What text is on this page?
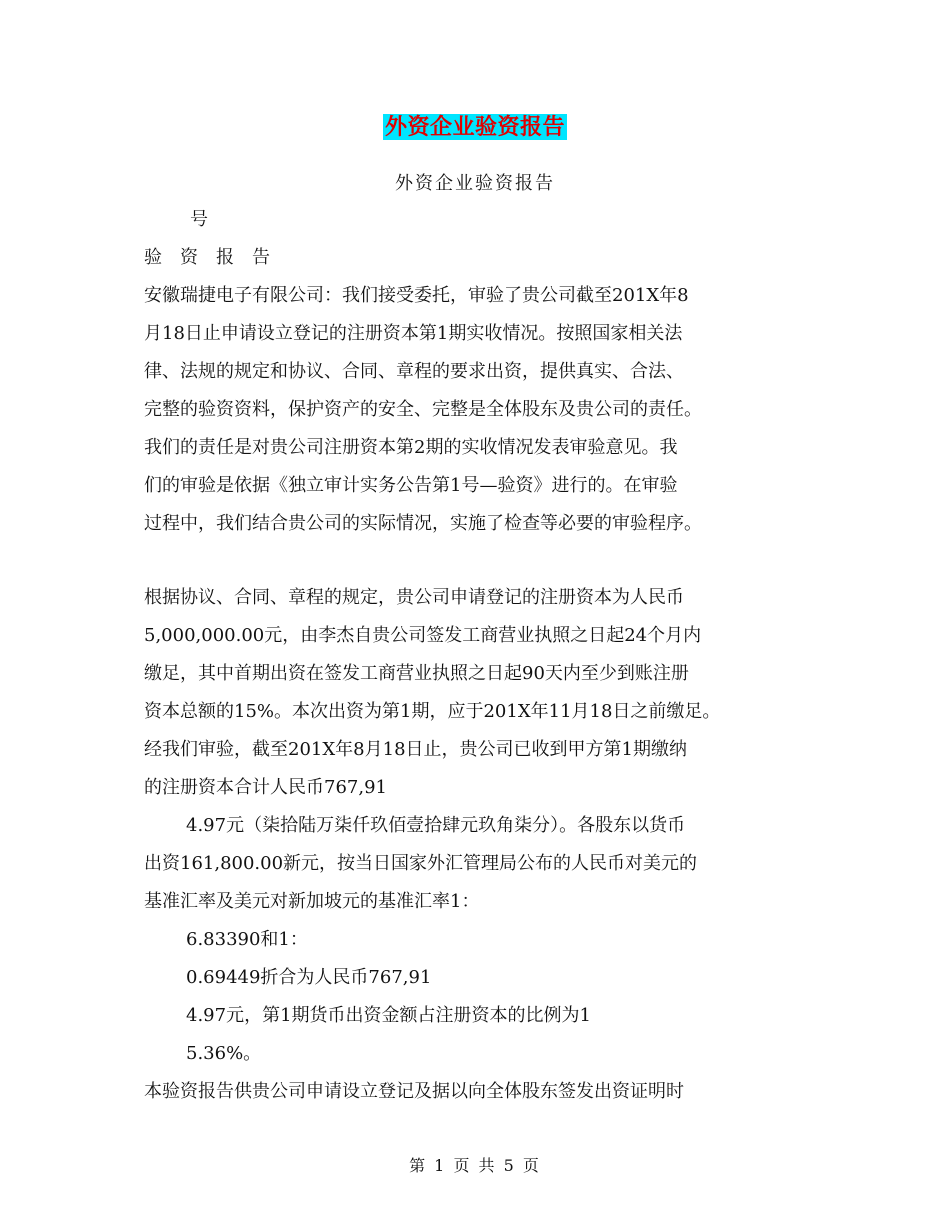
外资企业验资报告
外资企业验资报告
号
验　资　报　告
安徽瑞捷电子有限公司：我们接受委托，审验了贵公司截至201X年8
月18日止申请设立登记的注册资本第1期实收情况。按照国家相关法
律、法规的规定和协议、合同、章程的要求出资，提供真实、合法、
完整的验资资料，保护资产的安全、完整是全体股东及贵公司的责任。
我们的责任是对贵公司注册资本第2期的实收情况发表审验意见。我
们的审验是依据《独立审计实务公告第1号—验资》进行的。在审验
过程中，我们结合贵公司的实际情况，实施了检查等必要的审验程序。
根据协议、合同、章程的规定，贵公司申请登记的注册资本为人民币
5,000,000.00元，由李杰自贵公司签发工商营业执照之日起24个月内
缴足，其中首期出资在签发工商营业执照之日起90天内至少到账注册
资本总额的15%。本次出资为第1期，应于201X年11月18日之前缴足。
经我们审验，截至201X年8月18日止，贵公司已收到甲方第1期缴纳
的注册资本合计人民币767,91
4.97元（柒拾陆万柒仟玖佰壹拾肆元玖角柒分）。各股东以货币
出资161,800.00新元，按当日国家外汇管理局公布的人民币对美元的
基准汇率及美元对新加坡元的基准汇率1：
6.83390和1：
0.69449折合为人民币767,91
4.97元，第1期货币出资金额占注册资本的比例为1
5.36%。
本验资报告供贵公司申请设立登记及据以向全体股东签发出资证明时
第 1 页 共 5 页
